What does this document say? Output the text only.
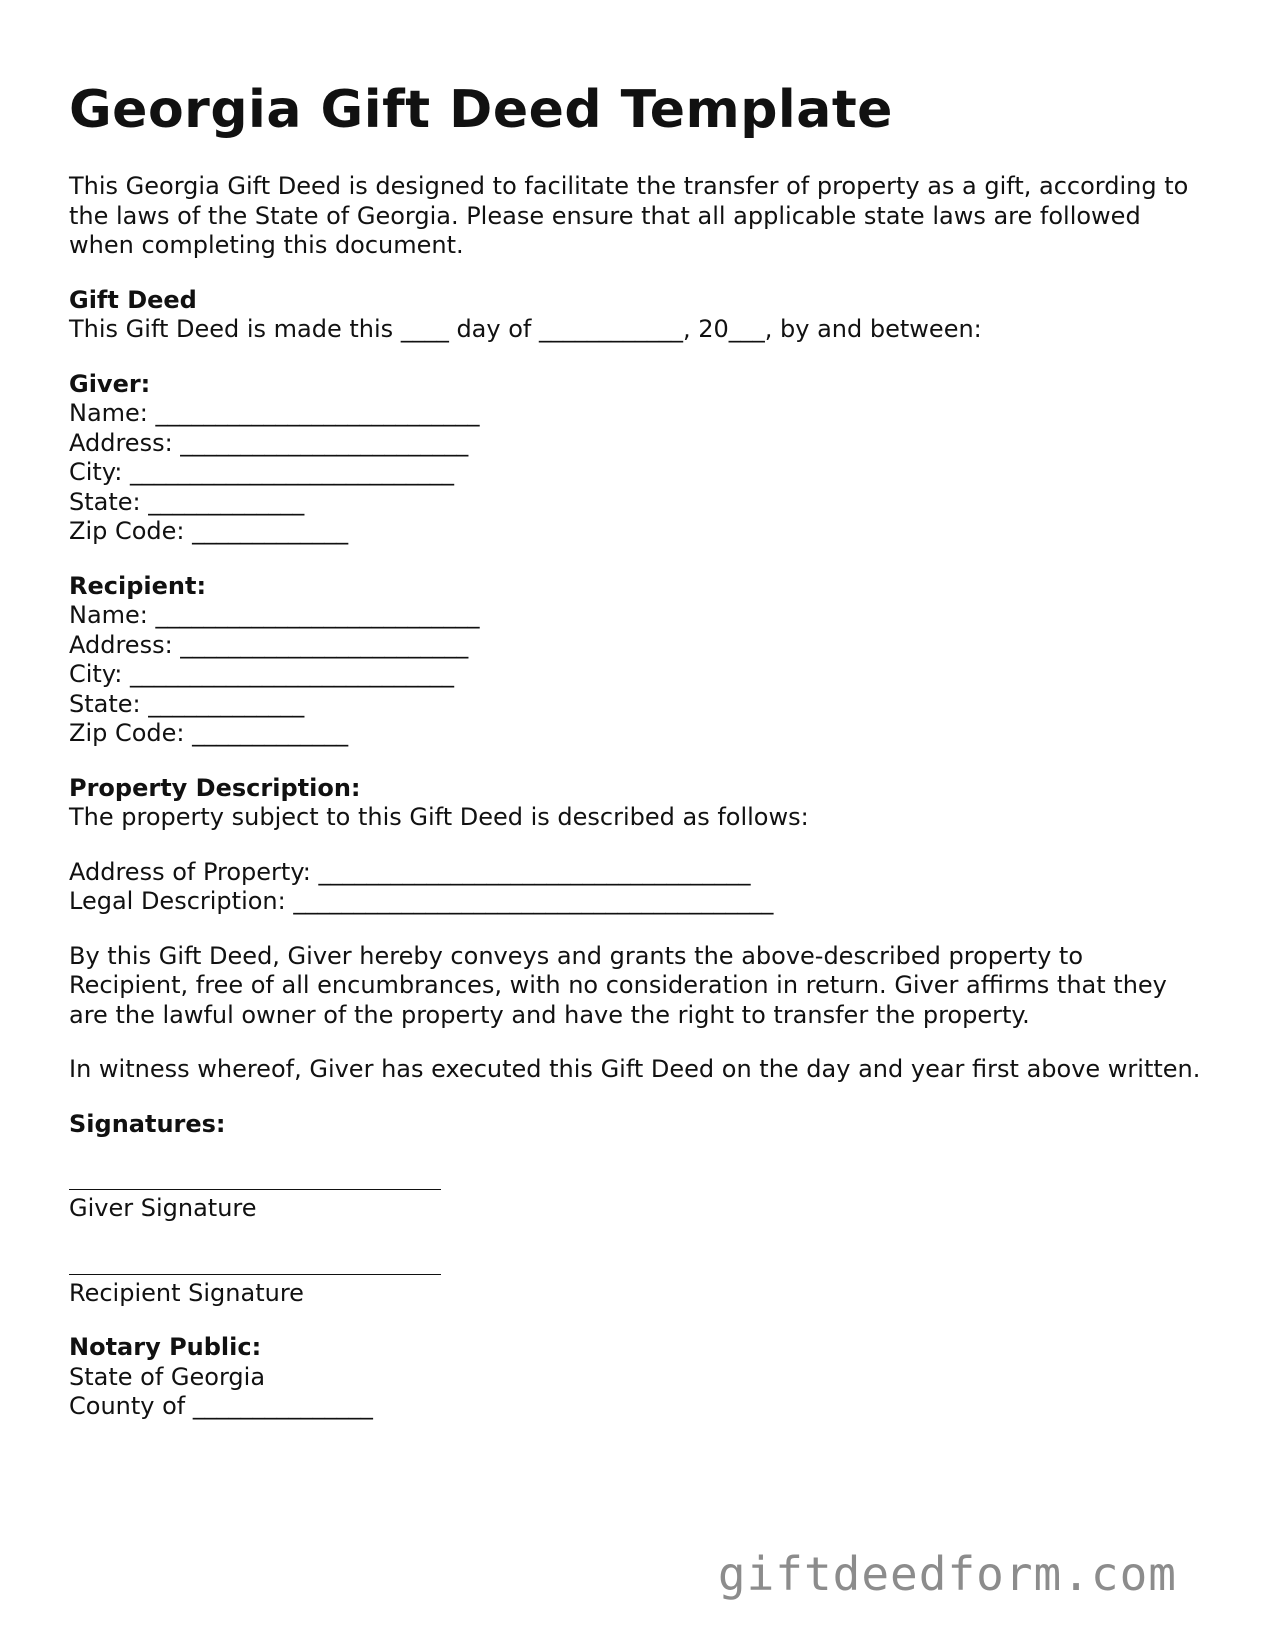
Georgia Gift Deed Template

This Georgia Gift Deed is designed to facilitate the transfer of property as a gift, according to the laws of the State of Georgia. Please ensure that all applicable state laws are followed when completing this document.

Gift Deed

This Gift Deed is made this ____ day of ____________, 20___, by and between:

Giver:

Name: ___________________________

Address: ________________________

City: ___________________________

State: _____________

Zip Code: _____________

Recipient:

Name: ___________________________

Address: ________________________

City: ___________________________

State: _____________

Zip Code: _____________

Property Description:

The property subject to this Gift Deed is described as follows:

Address of Property: ____________________________________

Legal Description: ________________________________________

By this Gift Deed, Giver hereby conveys and grants the above-described property to Recipient, free of all encumbrances, with no consideration in return. Giver affirms that they are the lawful owner of the property and have the right to transfer the property.

In witness whereof, Giver has executed this Gift Deed on the day and year first above written.

Signatures:

Giver Signature

Recipient Signature

Notary Public:

State of Georgia

County of _______________

giftdeedform.com
